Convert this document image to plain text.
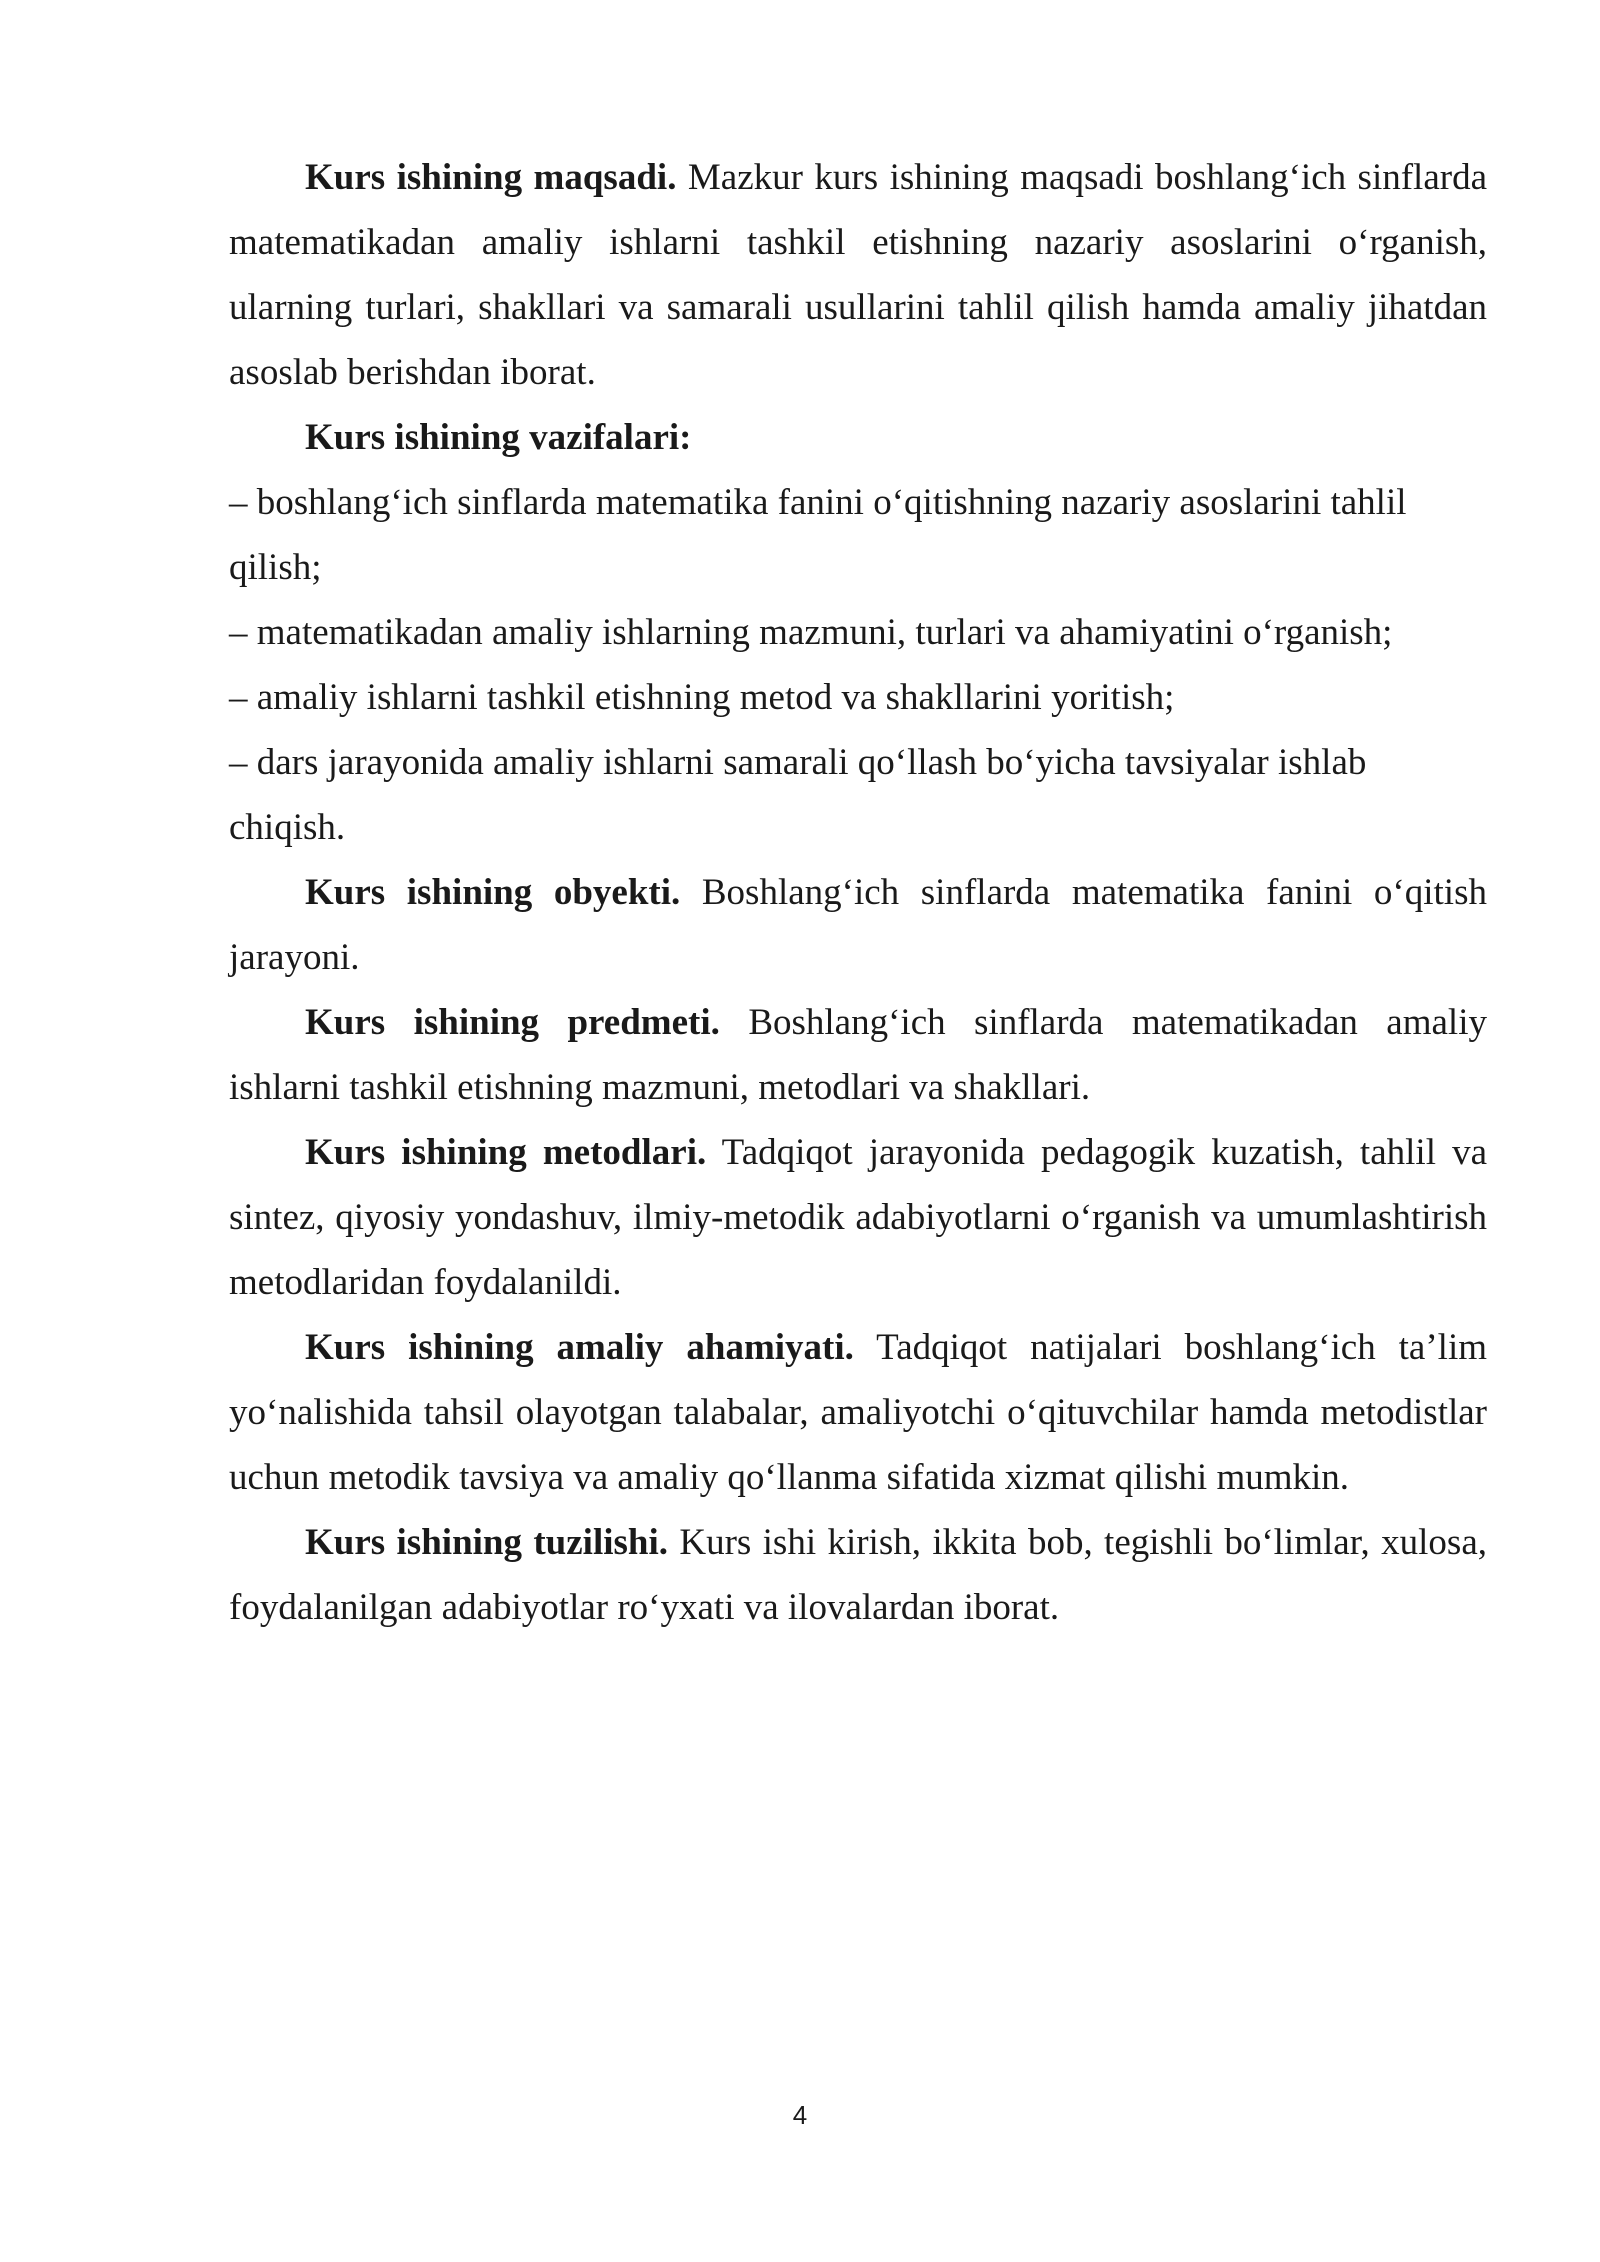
Kurs ishining maqsadi. Mazkur kurs ishining maqsadi boshlang‘ich sinflarda matematikadan amaliy ishlarni tashkil etishning nazariy asoslarini o‘rganish, ularning turlari, shakllari va samarali usullarini tahlil qilish hamda amaliy jihatdan asoslab berishdan iborat.

Kurs ishining vazifalari:

– boshlang‘ich sinflarda matematika fanini o‘qitishning nazariy asoslarini tahlil qilish;

– matematikadan amaliy ishlarning mazmuni, turlari va ahamiyatini o‘rganish;

– amaliy ishlarni tashkil etishning metod va shakllarini yoritish;

– dars jarayonida amaliy ishlarni samarali qo‘llash bo‘yicha tavsiyalar ishlab chiqish.

Kurs ishining obyekti. Boshlang‘ich sinflarda matematika fanini o‘qitish jarayoni.

Kurs ishining predmeti. Boshlang‘ich sinflarda matematikadan amaliy ishlarni tashkil etishning mazmuni, metodlari va shakllari.

Kurs ishining metodlari. Tadqiqot jarayonida pedagogik kuzatish, tahlil va sintez, qiyosiy yondashuv, ilmiy-metodik adabiyotlarni o‘rganish va umumlashtirish metodlaridan foydalanildi.

Kurs ishining amaliy ahamiyati. Tadqiqot natijalari boshlang‘ich ta’lim yo‘nalishida tahsil olayotgan talabalar, amaliyotchi o‘qituvchilar hamda metodistlar uchun metodik tavsiya va amaliy qo‘llanma sifatida xizmat qilishi mumkin.

Kurs ishining tuzilishi. Kurs ishi kirish, ikkita bob, tegishli bo‘limlar, xulosa, foydalanilgan adabiyotlar ro‘yxati va ilovalardan iborat.

4
